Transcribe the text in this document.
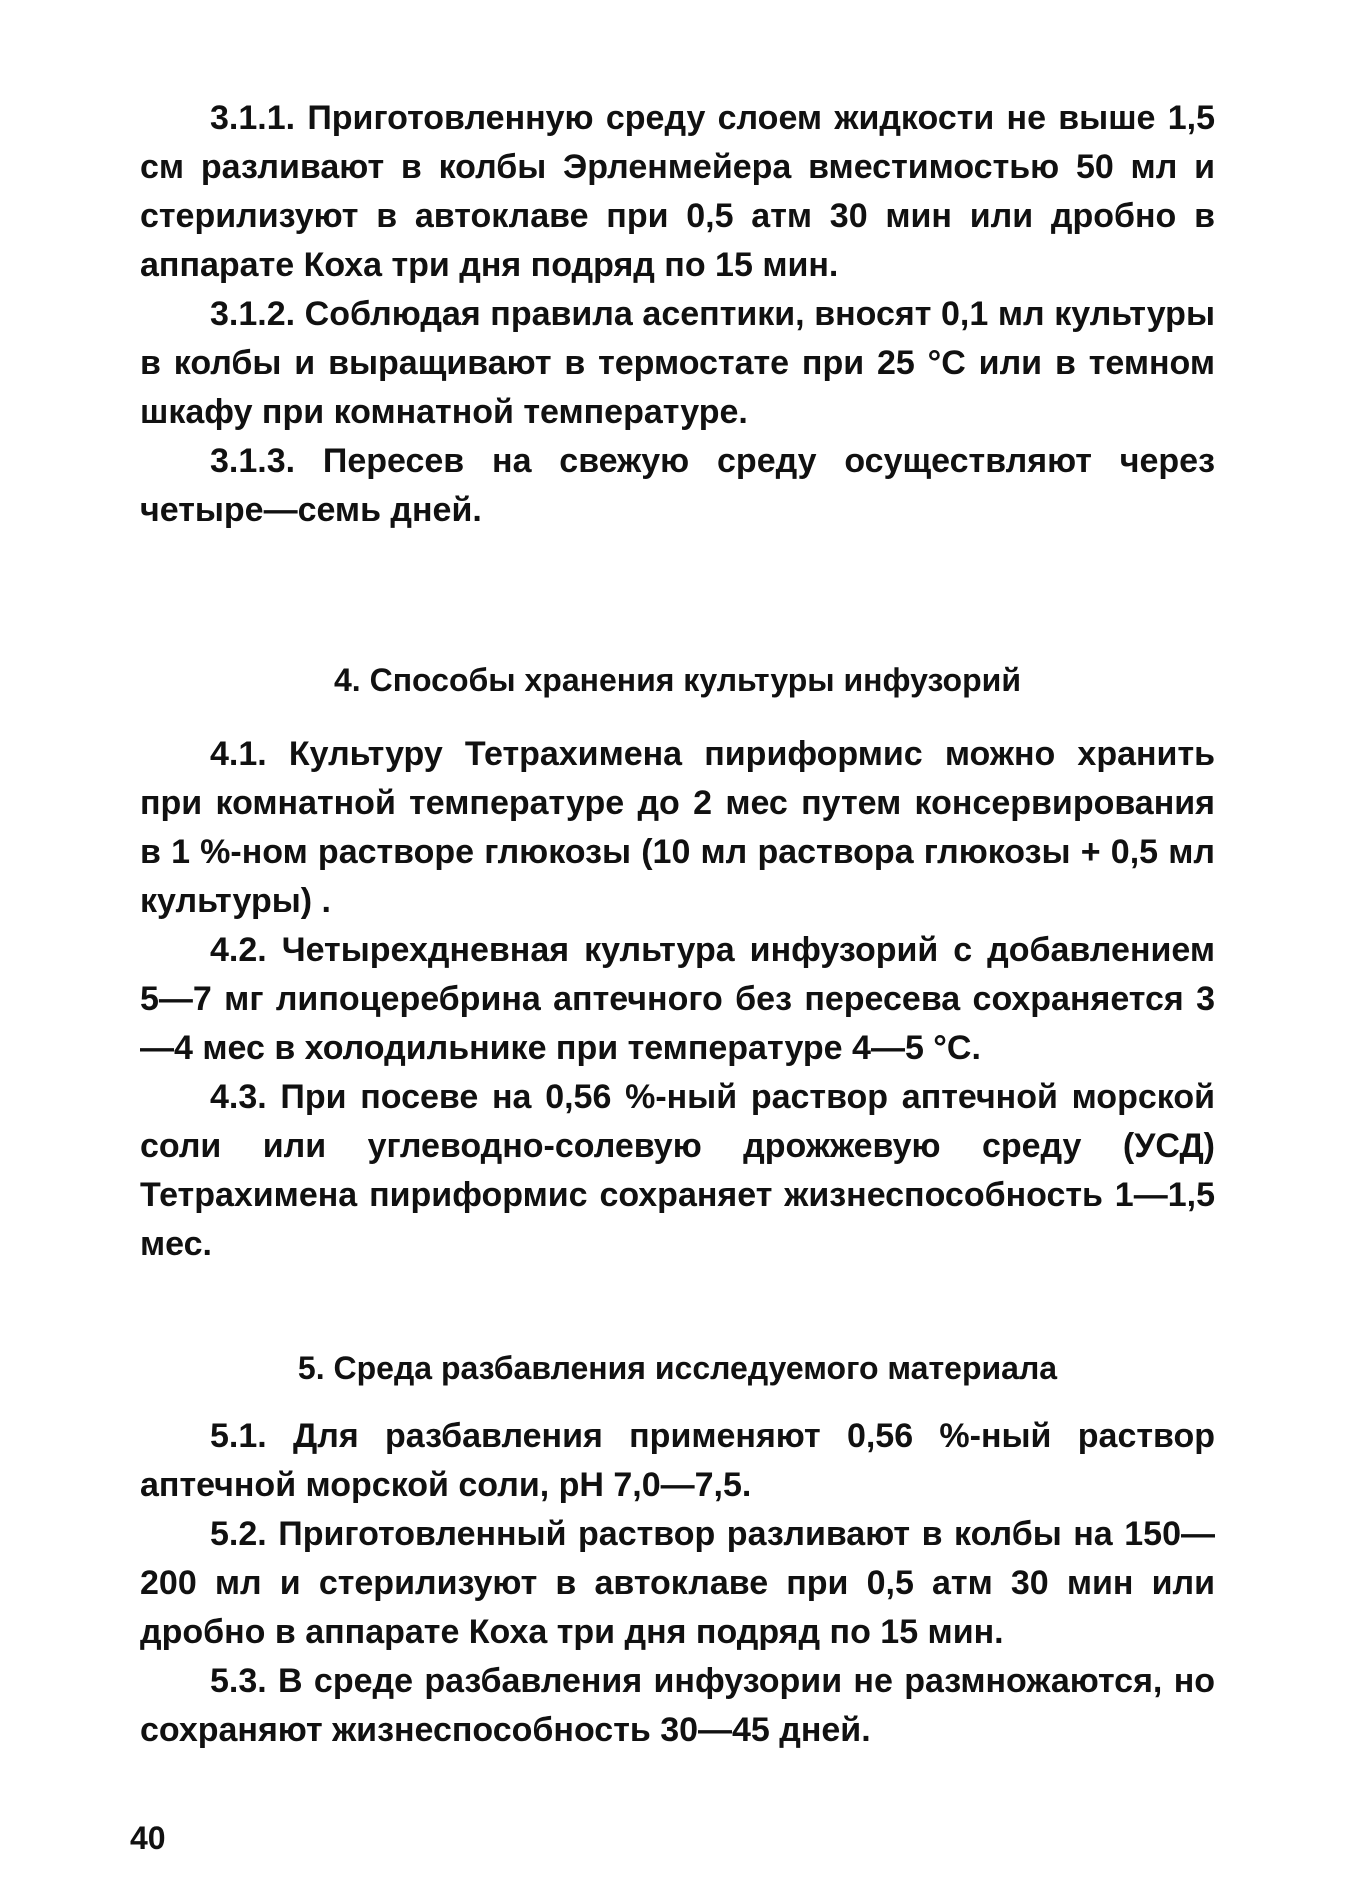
3.1.1. Приготовленную среду слоем жидкости не выше 1,5 см разливают в колбы Эрленмейера вместимостью 50 мл и стерилизуют в автоклаве при 0,5 атм 30 мин или дробно в аппарате Коха три дня подряд по 15 мин.

3.1.2. Соблюдая правила асептики, вносят 0,1 мл культуры в колбы и выращивают в термостате при 25 °С или в темном шкафу при комнатной температуре.

3.1.3. Пересев на свежую среду осуществляют через четыре—семь дней.

4. Способы хранения культуры инфузорий

4.1. Культуру Тетрахимена пириформис можно хранить при комнатной температуре до 2 мес путем консервирования в 1 %-ном растворе глюкозы (10 мл раствора глюкозы + 0,5 мл культуры) .

4.2. Четырехдневная культура инфузорий с добавлением 5—7 мг липоцеребрина аптечного без пересева сохраняется 3—4 мес в холодильнике при температуре 4—5 °С.

4.3. При посеве на 0,56 %-ный раствор аптечной морской соли или углеводно-солевую дрожжевую среду (УСД) Тетрахимена пириформис сохраняет жизнеспособность 1—1,5 мес.

5. Среда разбавления исследуемого материала

5.1. Для разбавления применяют 0,56 %-ный раствор аптечной морской соли, рН 7,0—7,5.

5.2. Приготовленный раствор разливают в колбы на 150—200 мл и стерилизуют в автоклаве при 0,5 атм 30 мин или дробно в аппарате Коха три дня подряд по 15 мин.

5.3. В среде разбавления инфузории не размножаются, но сохраняют жизнеспособность 30—45 дней.

40
